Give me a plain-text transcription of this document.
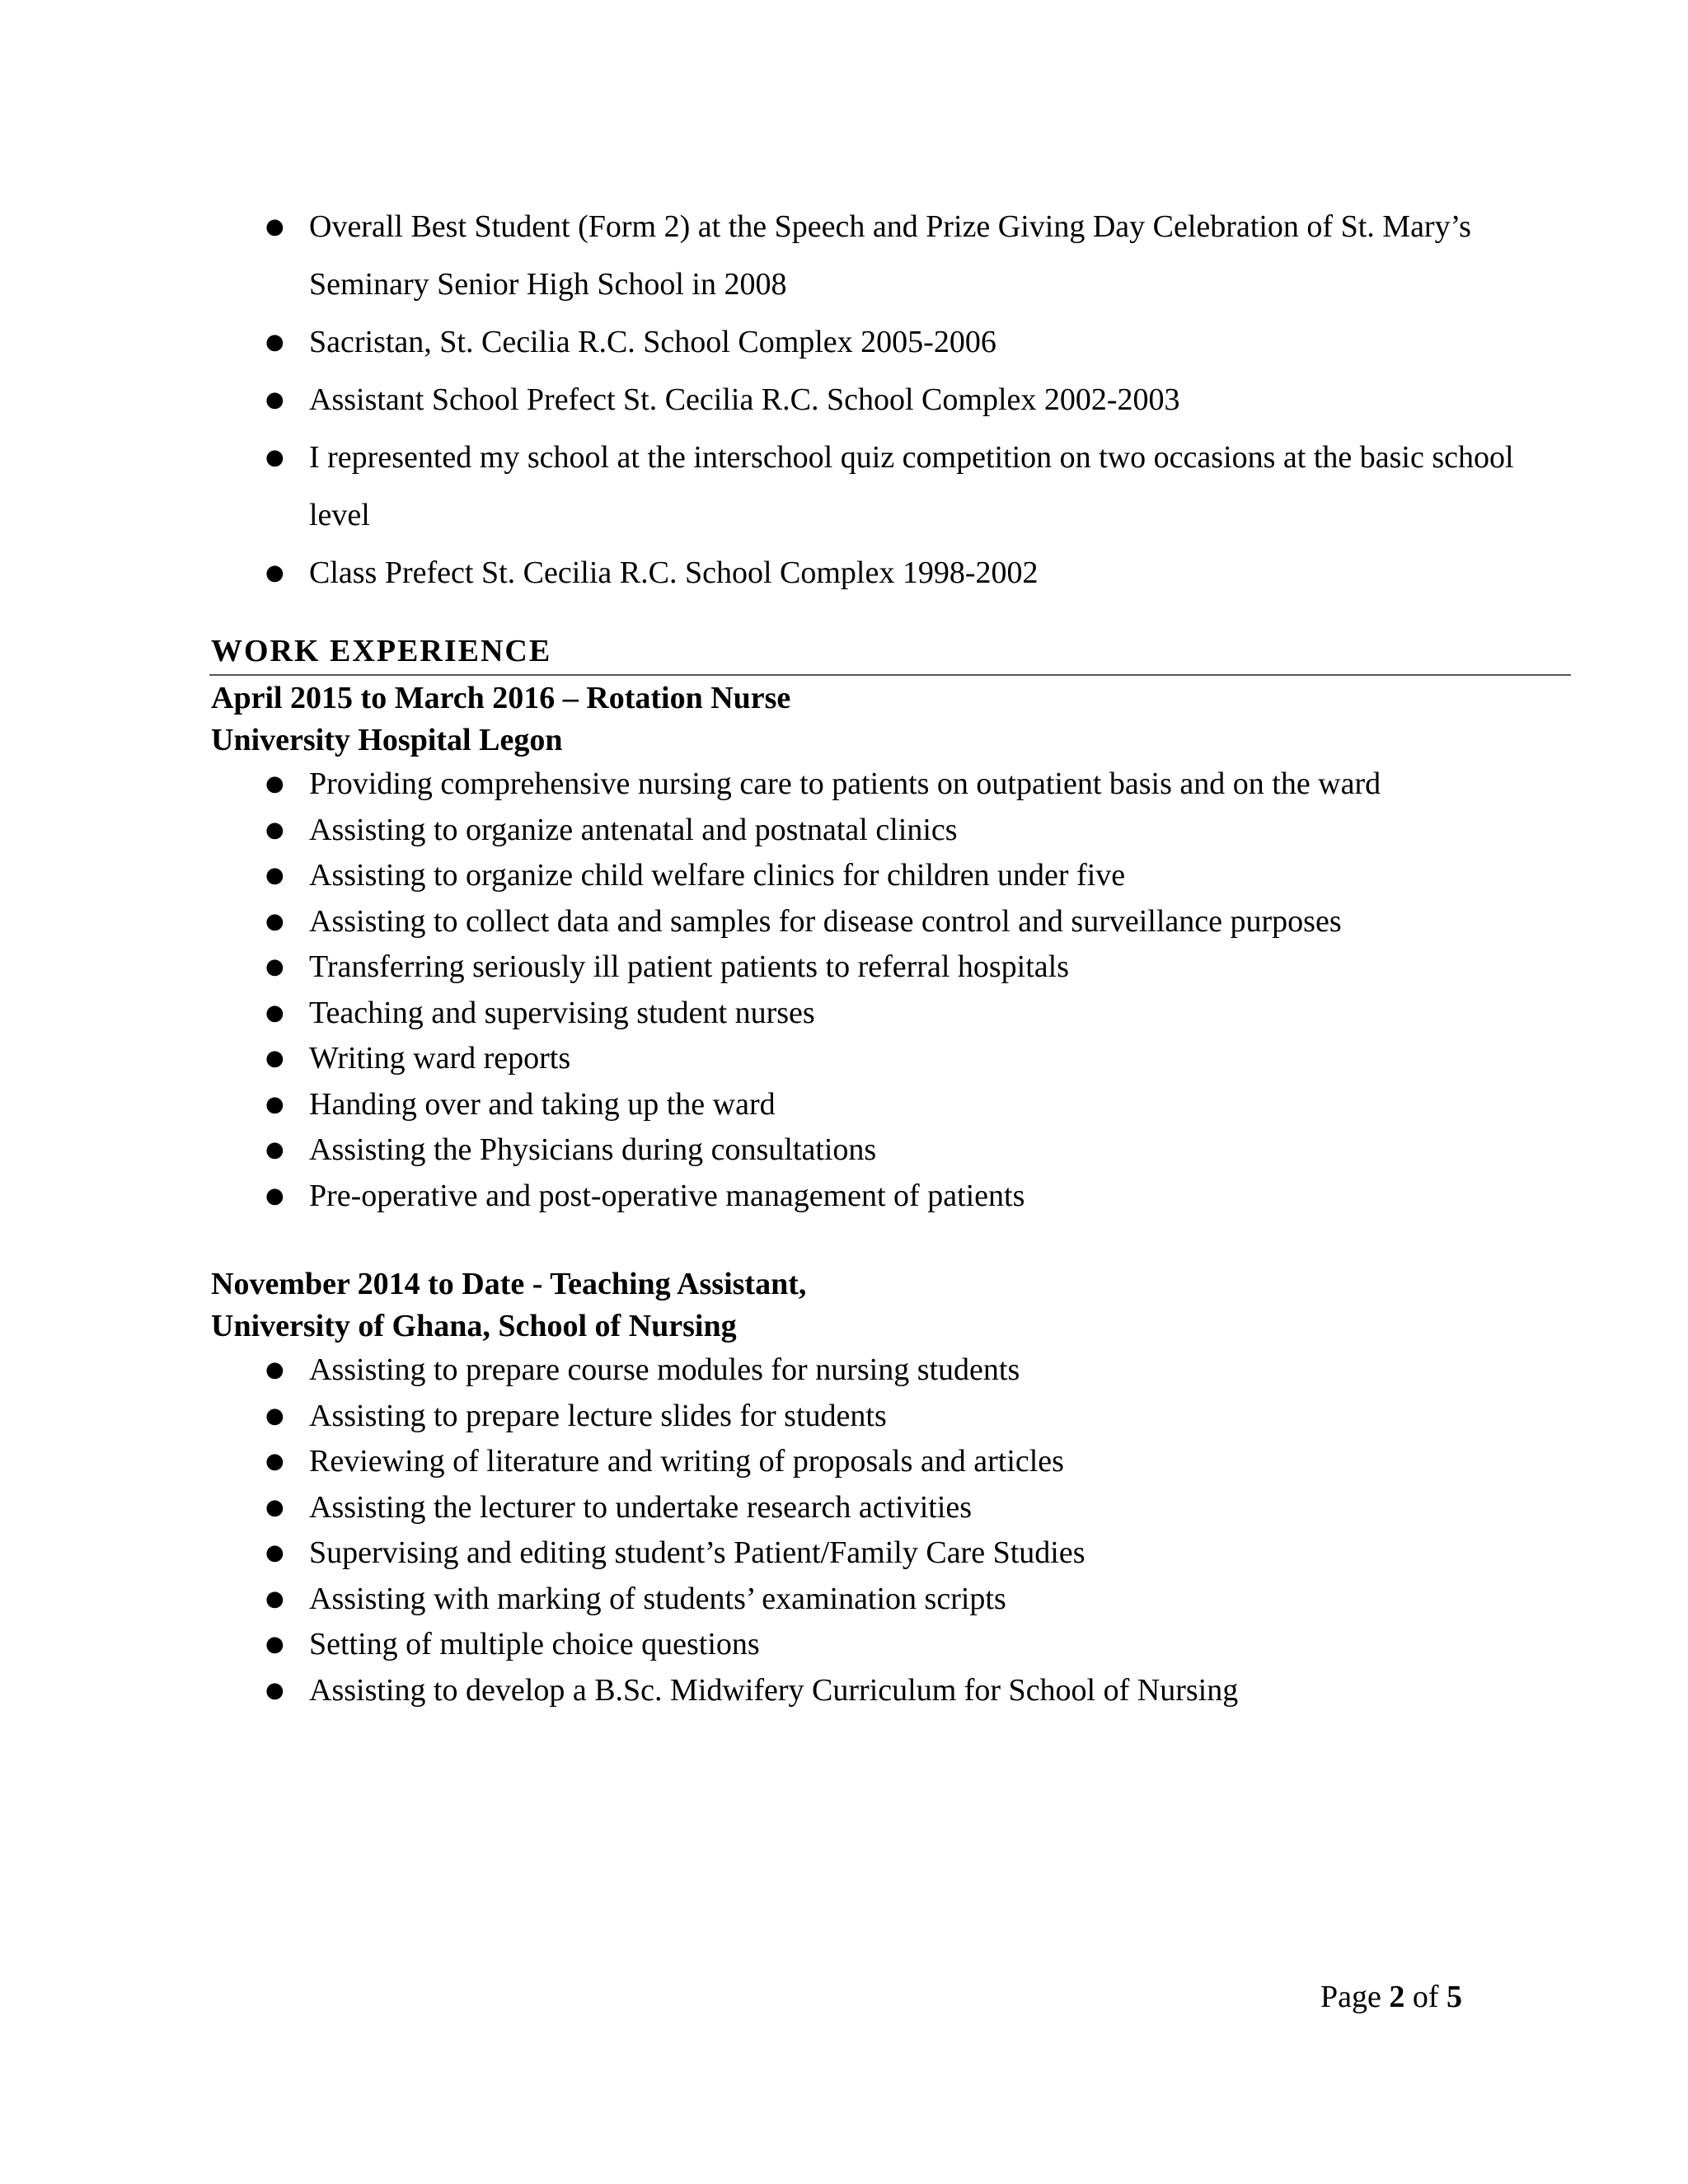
● Overall Best Student (Form 2) at the Speech and Prize Giving Day Celebration of St. Mary’s Seminary Senior High School in 2008
● Sacristan, St. Cecilia R.C. School Complex 2005-2006
● Assistant School Prefect St. Cecilia R.C. School Complex 2002-2003
● I represented my school at the interschool quiz competition on two occasions at the basic school level
● Class Prefect St. Cecilia R.C. School Complex 1998-2002
WORK EXPERIENCE
April 2015 to March 2016 – Rotation Nurse
University Hospital Legon
● Providing comprehensive nursing care to patients on outpatient basis and on the ward
● Assisting to organize antenatal and postnatal clinics
● Assisting to organize child welfare clinics for children under five
● Assisting to collect data and samples for disease control and surveillance purposes
● Transferring seriously ill patient patients to referral hospitals
● Teaching and supervising student nurses
● Writing ward reports
● Handing over and taking up the ward
● Assisting the Physicians during consultations
● Pre-operative and post-operative management of patients
November 2014 to Date - Teaching Assistant,
University of Ghana, School of Nursing
● Assisting to prepare course modules for nursing students
● Assisting to prepare lecture slides for students
● Reviewing of literature and writing of proposals and articles
● Assisting the lecturer to undertake research activities
● Supervising and editing student’s Patient/Family Care Studies
● Assisting with marking of students’ examination scripts
● Setting of multiple choice questions
● Assisting to develop a B.Sc. Midwifery Curriculum for School of Nursing
Page 2 of 5
